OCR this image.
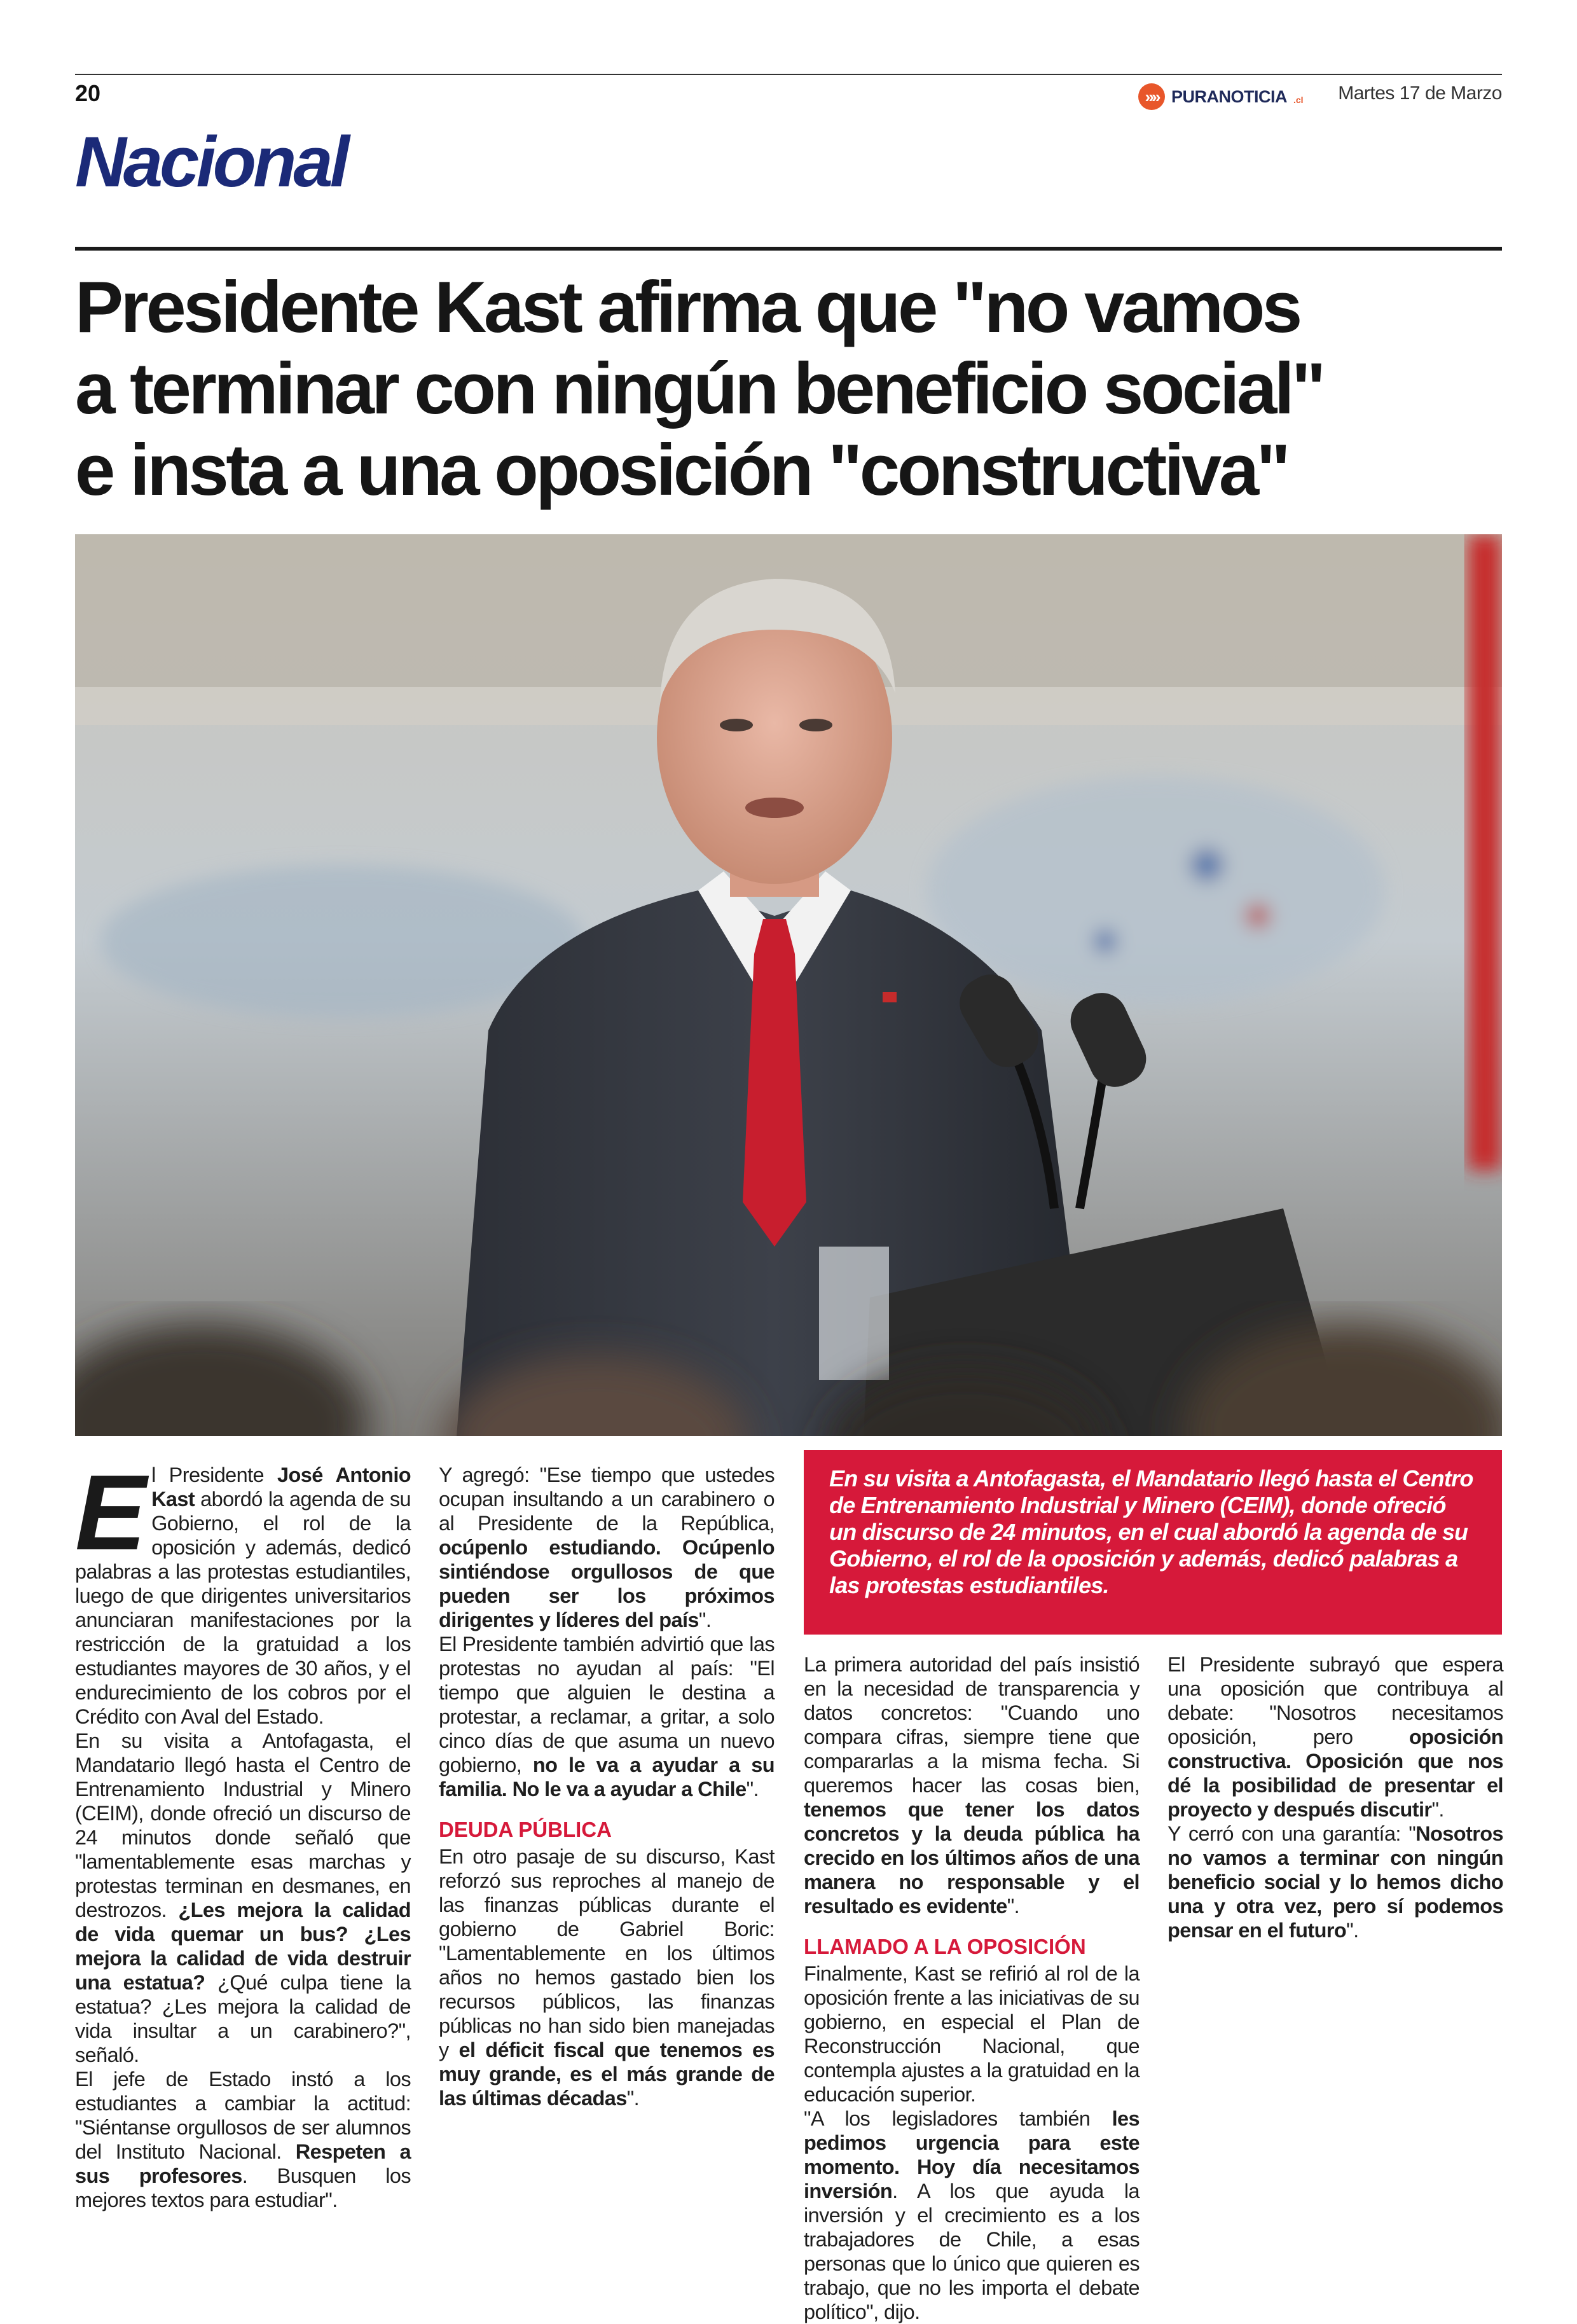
20	»» PURANOTICIA .cl Martes 17 de Marzo
Nacional
Presidente Kast afirma que "no vamos
a terminar con ningún beneficio social"
e insta a una oposición "constructiva"
En su visita a Antofagasta, el Mandatario llegó hasta el Centro de Entrenamiento Industrial y Minero (CEIM), donde ofreció un discurso de 24 minutos, en el cual abordó la agenda de su Gobierno, el rol de la oposición y además, dedicó palabras a las protestas estudiantiles.

El Presidente José Antonio Kast abordó la agenda de su Gobierno, el rol de la oposición y además, dedicó palabras a las protestas estudiantiles, luego de que dirigentes universitarios anunciaran manifestaciones por la restricción de la gratuidad a los estudiantes mayores de 30 años, y el endurecimiento de los cobros por el Crédito con Aval del Estado.

En su visita a Antofagasta, el Mandatario llegó hasta el Centro de Entrenamiento Industrial y Minero (CEIM), donde ofreció un discurso de 24 minutos donde señaló que "lamentablemente esas marchas y protestas terminan en desmanes, en destrozos. ¿Les mejora la calidad de vida quemar un bus? ¿Les mejora la calidad de vida destruir una estatua? ¿Qué culpa tiene la estatua? ¿Les mejora la calidad de vida insultar a un carabinero?", señaló.

El jefe de Estado instó a los estudiantes a cambiar la actitud: "Siéntanse orgullosos de ser alumnos del Instituto Nacional. Respeten a sus profesores. Busquen los mejores textos para estudiar".

Y agregó: "Ese tiempo que ustedes ocupan insultando a un carabinero o al Presidente de la República, ocúpenlo estudiando. Ocúpenlo sintiéndose orgullosos de que pueden ser los próximos dirigentes y líderes del país".

El Presidente también advirtió que las protestas no ayudan al país: "El tiempo que alguien le destina a protestar, a reclamar, a gritar, a solo cinco días de que asuma un nuevo gobierno, no le va a ayudar a su familia. No le va a ayudar a Chile".

DEUDA PÚBLICA

En otro pasaje de su discurso, Kast reforzó sus reproches al manejo de las finanzas públicas durante el gobierno de Gabriel Boric: "Lamentablemente en los últimos años no hemos gastado bien los recursos públicos, las finanzas públicas no han sido bien manejadas y el déficit fiscal que tenemos es muy grande, es el más grande de las últimas décadas".

La primera autoridad del país insistió en la necesidad de transparencia y datos concretos: "Cuando uno compara cifras, siempre tiene que compararlas a la misma fecha. Si queremos hacer las cosas bien, tenemos que tener los datos concretos y la deuda pública ha crecido en los últimos años de una manera no responsable y el resultado es evidente".

LLAMADO A LA OPOSICIÓN

Finalmente, Kast se refirió al rol de la oposición frente a las iniciativas de su gobierno, en especial el Plan de Reconstrucción Nacional, que contempla ajustes a la gratuidad en la educación superior.

"A los legisladores también les pedimos urgencia para este momento. Hoy día necesitamos inversión. A los que ayuda la inversión y el crecimiento es a los trabajadores de Chile, a esas personas que lo único que quieren es trabajo, que no les importa el debate político", dijo.

El Presidente subrayó que espera una oposición que contribuya al debate: "Nosotros necesitamos oposición, pero oposición constructiva. Oposición que nos dé la posibilidad de presentar el proyecto y después discutir".

Y cerró con una garantía: "Nosotros no vamos a terminar con ningún beneficio social y lo hemos dicho una y otra vez, pero sí podemos pensar en el futuro".
